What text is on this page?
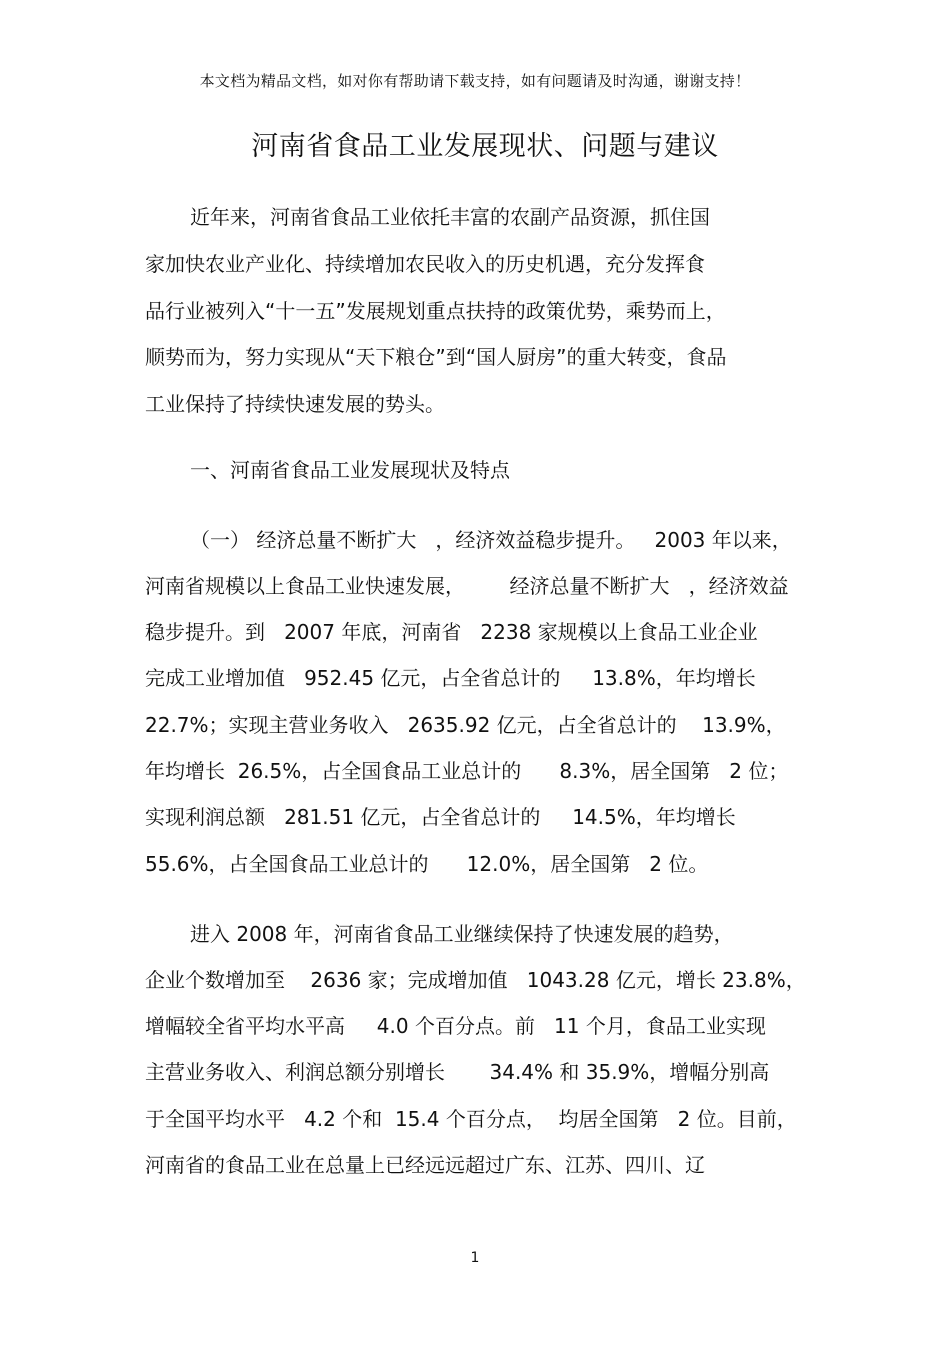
本文档为精品文档，如对你有帮助请下载支持，如有问题请及时沟通，谢谢支持！
河南省食品工业发展现状、问题与建议
近年来，河南省食品工业依托丰富的农副产品资源，抓住国
家加快农业产业化、持续增加农民收入的历史机遇，充分发挥食
品行业被列入“十一五”发展规划重点扶持的政策优势，乘势而上，
顺势而为，努力实现从“天下粮仓”到“国人厨房”的重大转变，食品
工业保持了持续快速发展的势头。
一、河南省食品工业发展现状及特点
（一） 经济总量不断扩大   ，经济效益稳步提升。   2003 年以来，
河南省规模以上食品工业快速发展，       经济总量不断扩大   ，经济效益
稳步提升。到   2007 年底，河南省   2238 家规模以上食品工业企业
完成工业增加值   952.45 亿元，占全省总计的     13.8%，年均增长
22.7%；实现主营业务收入   2635.92 亿元，占全省总计的    13.9%，
年均增长  26.5%，占全国食品工业总计的      8.3%，居全国第   2 位；
实现利润总额   281.51 亿元，占全省总计的     14.5%，年均增长
55.6%，占全国食品工业总计的      12.0%，居全国第   2 位。
进入 2008 年，河南省食品工业继续保持了快速发展的趋势，
企业个数增加至    2636 家；完成增加值   1043.28 亿元，增长 23.8%，
增幅较全省平均水平高     4.0 个百分点。前   11 个月，食品工业实现
主营业务收入、利润总额分别增长       34.4% 和 35.9%，增幅分别高
于全国平均水平   4.2 个和  15.4 个百分点，  均居全国第   2 位。目前，
河南省的食品工业在总量上已经远远超过广东、江苏、四川、辽
1
